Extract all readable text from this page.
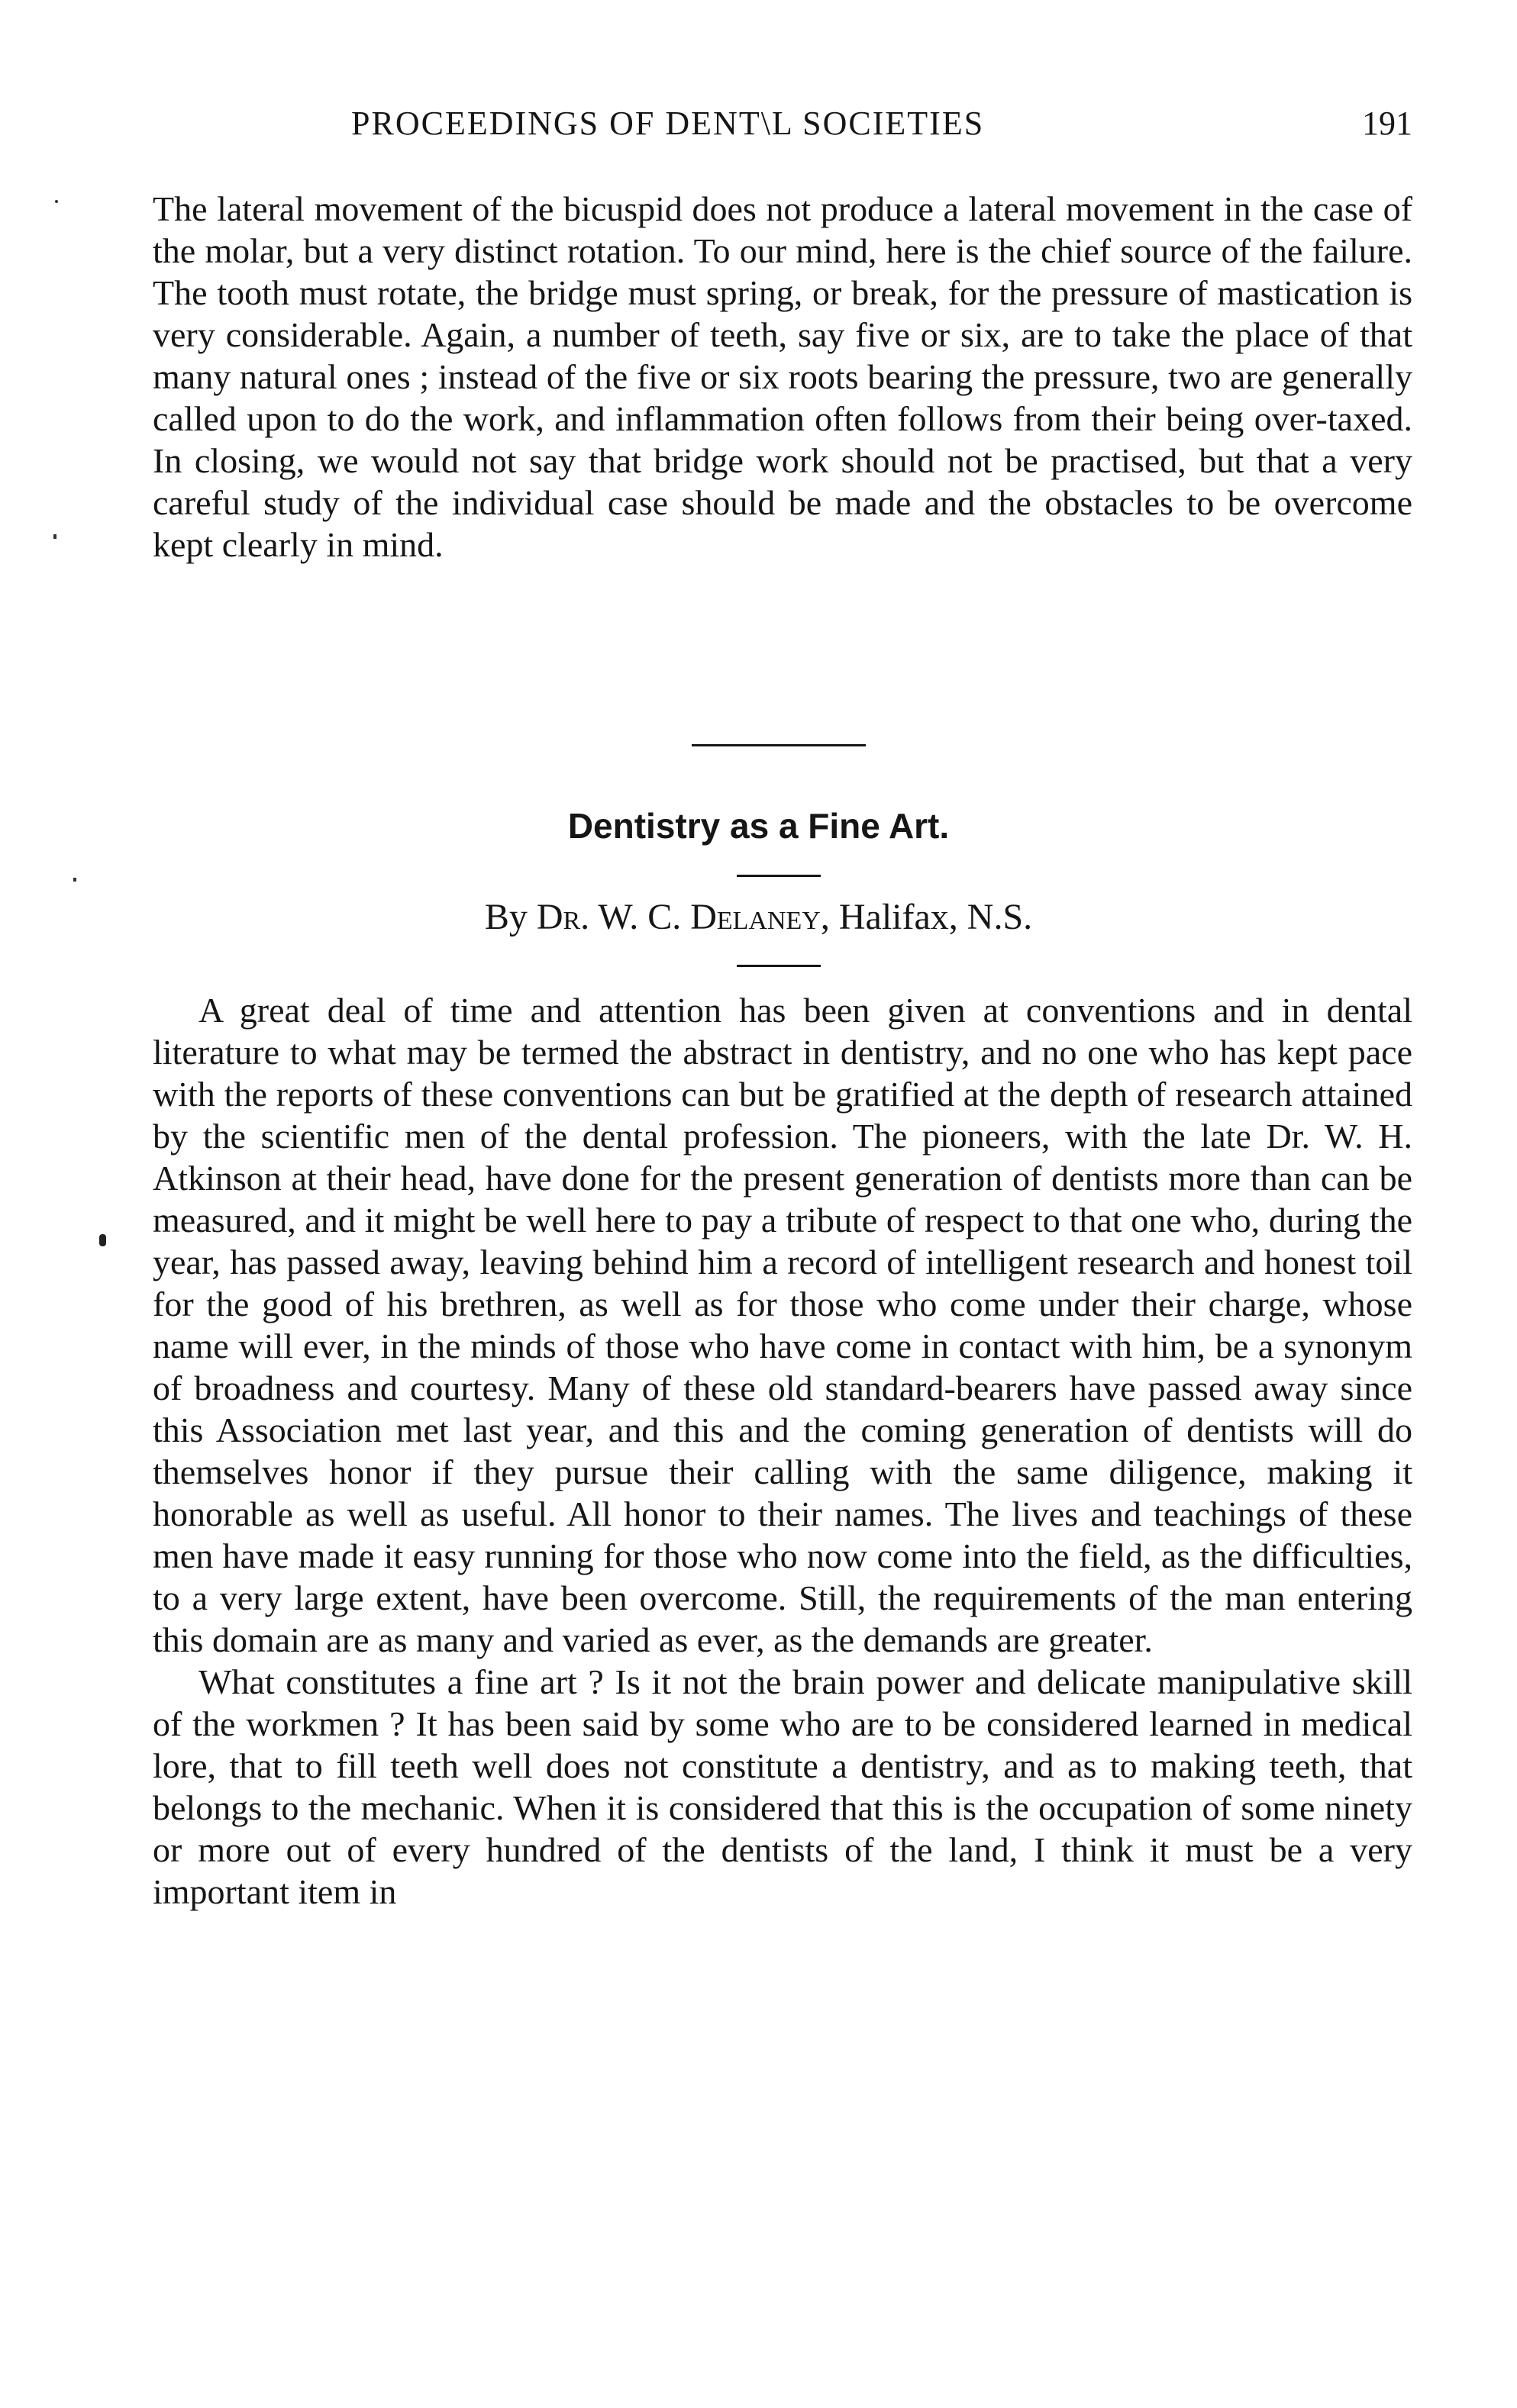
PROCEEDINGS OF DENT\L SOCIETIES	191

The lateral movement of the bicuspid does not produce a lateral movement in the case of the molar, but a very distinct rotation. To our mind, here is the chief source of the failure. The tooth must rotate, the bridge must spring, or break, for the pressure of mastication is very considerable. Again, a number of teeth, say five or six, are to take the place of that many natural ones ; instead of the five or six roots bearing the pressure, two are generally called upon to do the work, and inflammation often follows from their being over-taxed. In closing, we would not say that bridge work should not be practised, but that a very careful study of the individual case should be made and the obstacles to be overcome kept clearly in mind.

Dentistry as a Fine Art.
By Dr. W. C. Delaney, Halifax, N.S.

A great deal of time and attention has been given at conventions and in dental literature to what may be termed the abstract in dentistry, and no one who has kept pace with the reports of these conventions can but be gratified at the depth of research attained by the scientific men of the dental profession. The pioneers, with the late Dr. W. H. Atkinson at their head, have done for the present generation of dentists more than can be measured, and it might be well here to pay a tribute of respect to that one who, during the year, has passed away, leaving behind him a record of intelligent research and honest toil for the good of his brethren, as well as for those who come under their charge, whose name will ever, in the minds of those who have come in contact with him, be a synonym of broadness and courtesy. Many of these old standard-bearers have passed away since this Association met last year, and this and the coming generation of dentists will do themselves honor if they pursue their calling with the same diligence, making it honorable as well as useful. All honor to their names. The lives and teachings of these men have made it easy running for those who now come into the field, as the difficulties, to a very large extent, have been overcome. Still, the requirements of the man entering this domain are as many and varied as ever, as the demands are greater.

What constitutes a fine art ? Is it not the brain power and delicate manipulative skill of the workmen ? It has been said by some who are to be considered learned in medical lore, that to fill teeth well does not constitute a dentistry, and as to making teeth, that belongs to the mechanic. When it is considered that this is the occupation of some ninety or more out of every hundred of the dentists of the land, I think it must be a very important item in
